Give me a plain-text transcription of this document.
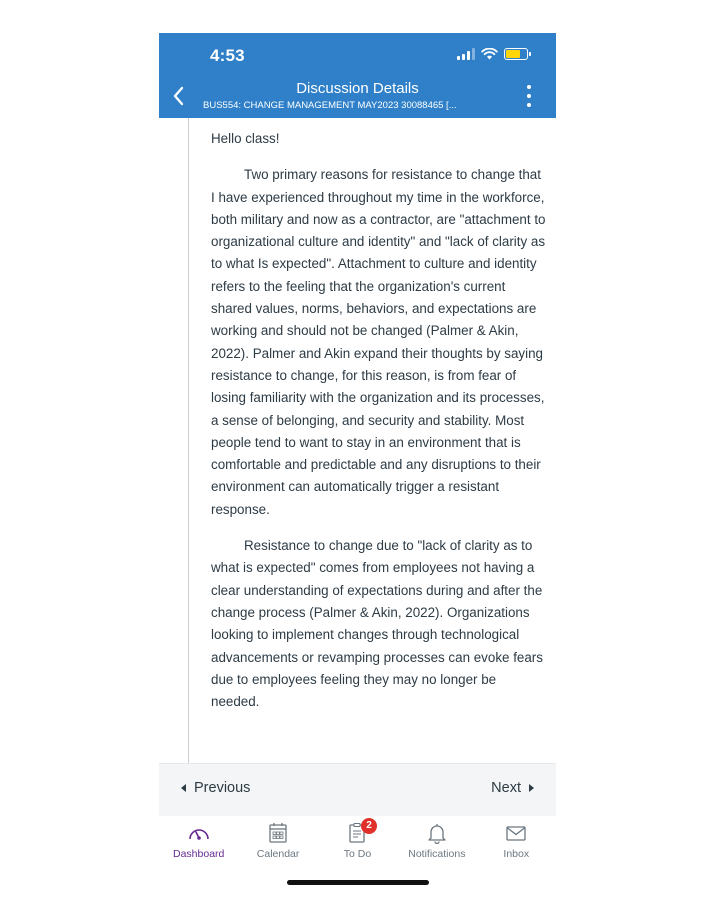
4:53
Discussion Details
BUS554: CHANGE MANAGEMENT MAY2023 30088465 [...

Hello class!

Two primary reasons for resistance to change that I have experienced throughout my time in the workforce, both military and now as a contractor, are "attachment to organizational culture and identity" and "lack of clarity as to what Is expected". Attachment to culture and identity refers to the feeling that the organization's current shared values, norms, behaviors, and expectations are working and should not be changed (Palmer & Akin, 2022). Palmer and Akin expand their thoughts by saying resistance to change, for this reason, is from fear of losing familiarity with the organization and its processes, a sense of belonging, and security and stability. Most people tend to want to stay in an environment that is comfortable and predictable and any disruptions to their environment can automatically trigger a resistant response.

Resistance to change due to "lack of clarity as to what is expected" comes from employees not having a clear understanding of expectations during and after the change process (Palmer & Akin, 2022). Organizations looking to implement changes through technological advancements or revamping processes can evoke fears due to employees feeling they may no longer be needed.

Previous	Next
Dashboard	Calendar
2
To Do	Notifications	Inbox
